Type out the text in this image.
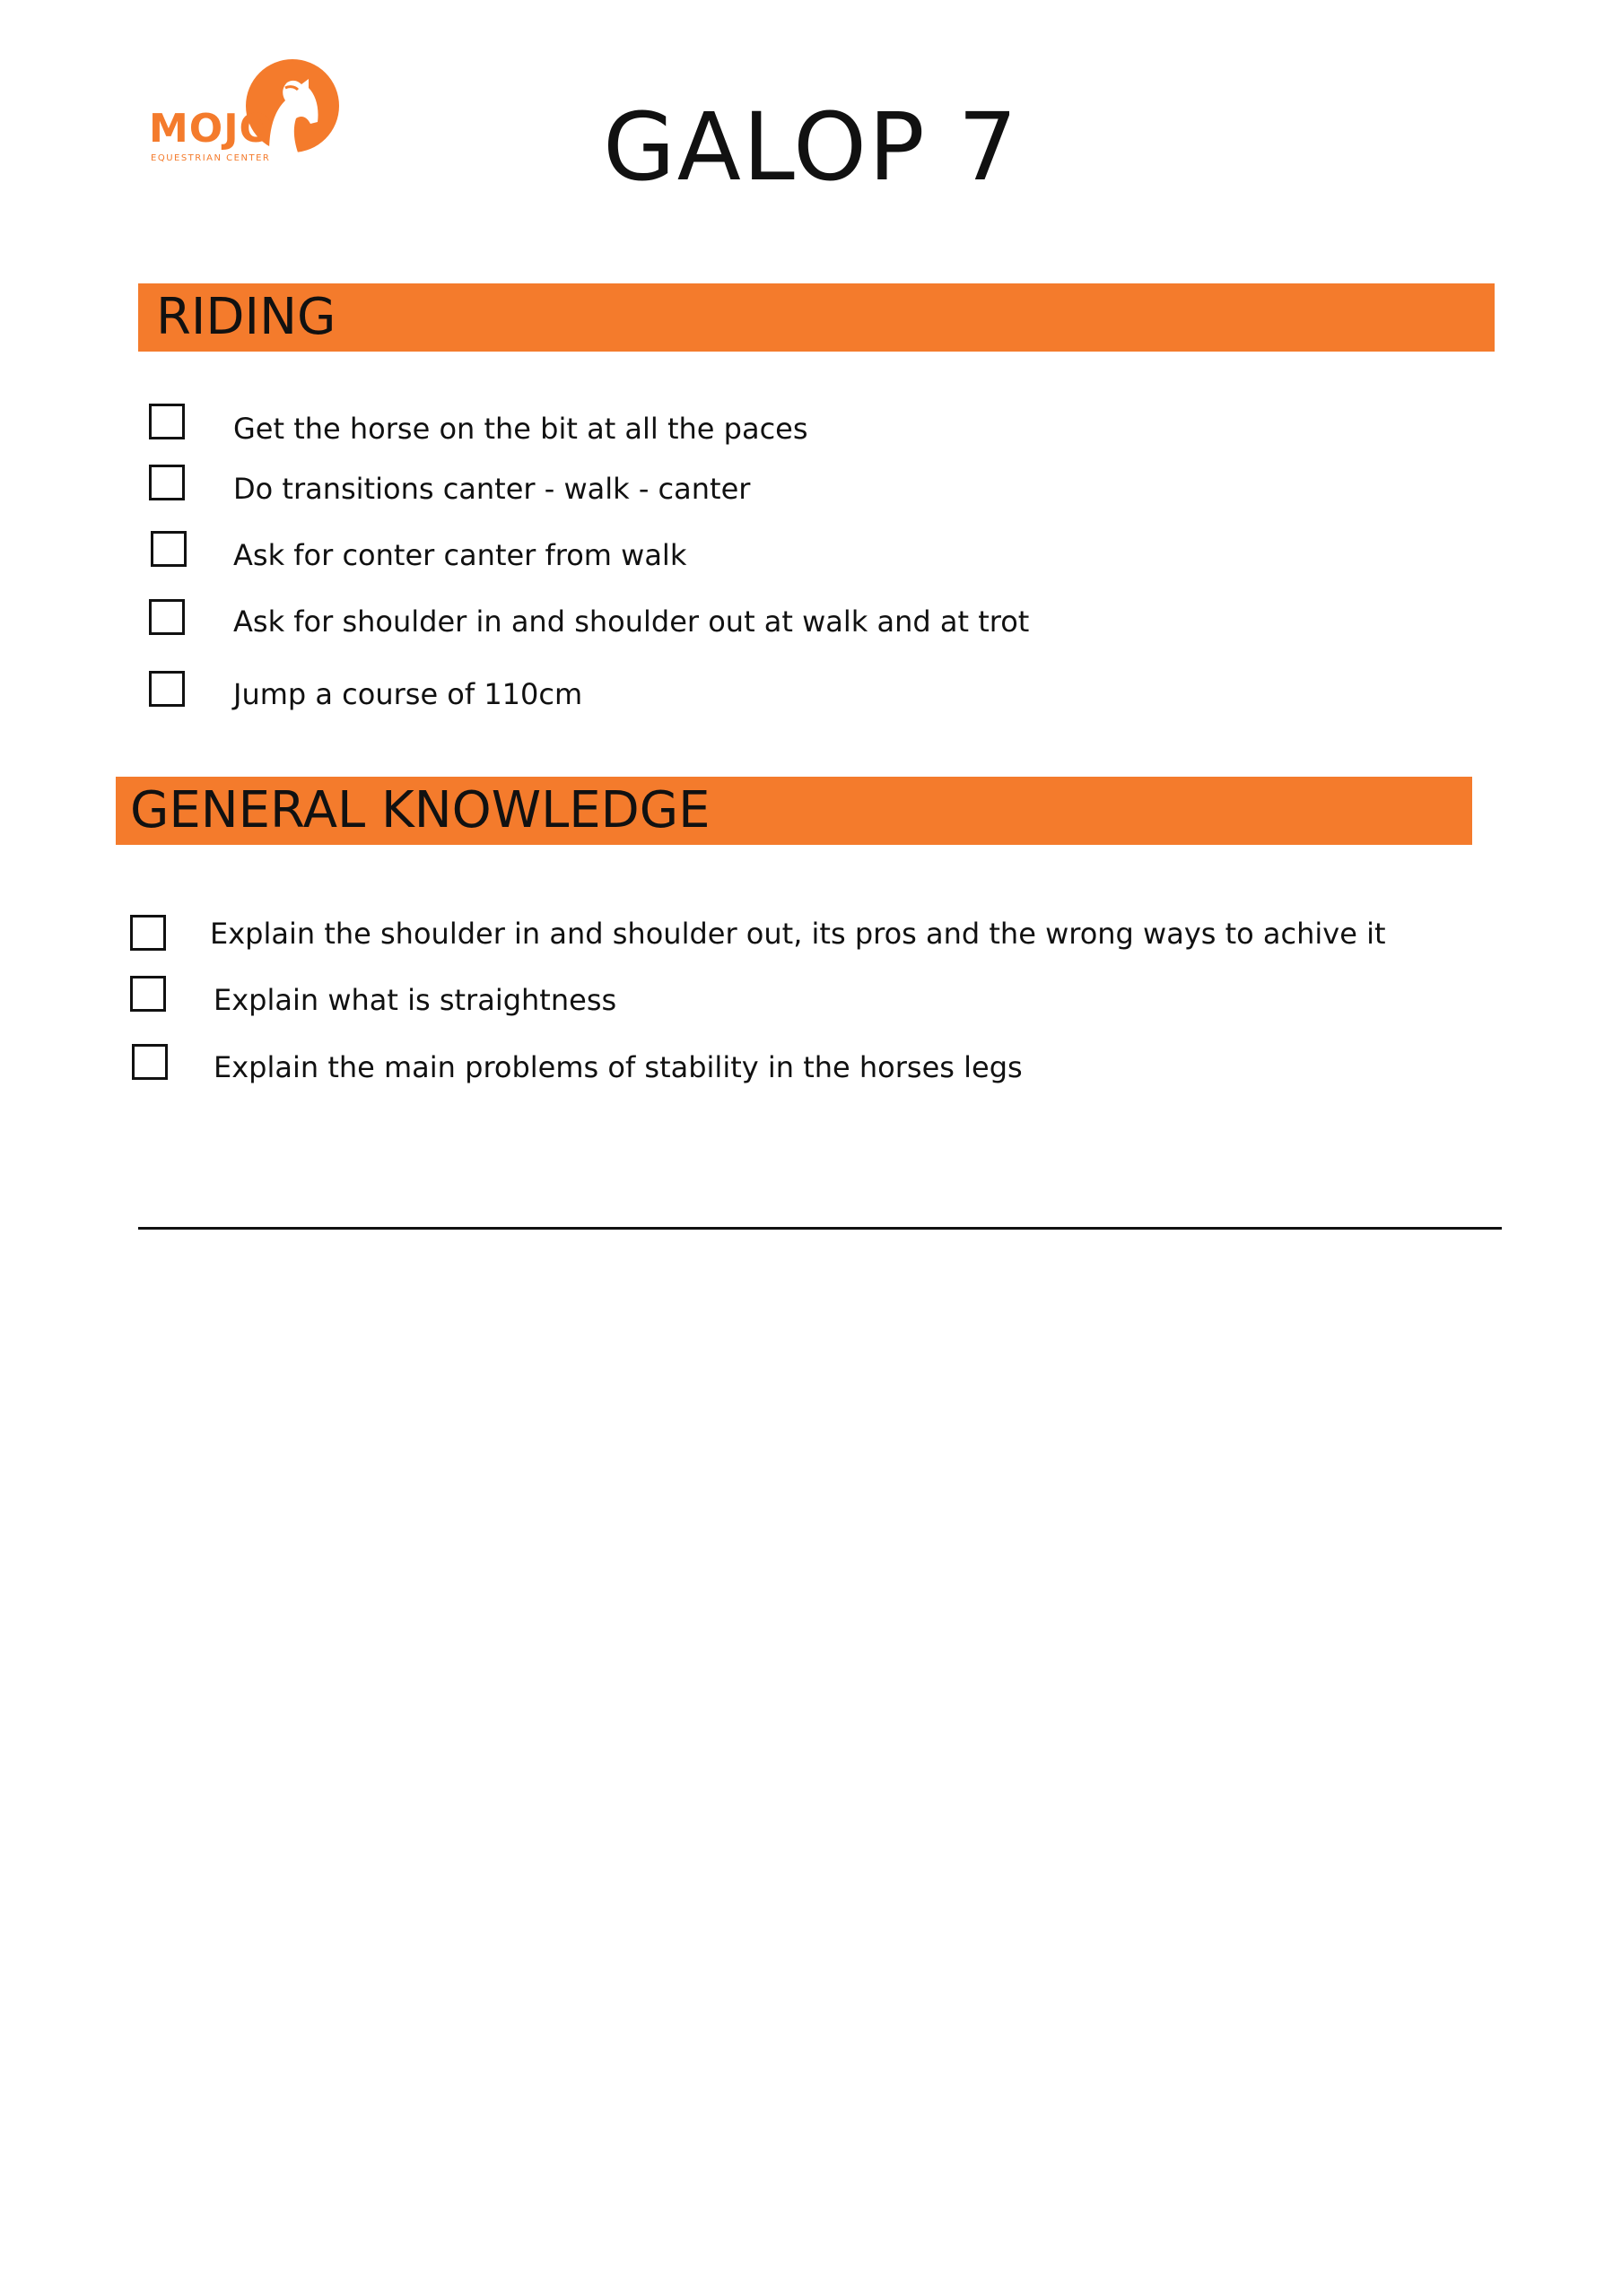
MOJO
EQUESTRIAN CENTER	GALOP 7
RIDING
Get the horse on the bit at all the paces
Do transitions canter - walk - canter
Ask for conter canter from walk
Ask for shoulder in and shoulder out at walk and at trot
Jump a course of 110cm
GENERAL KNOWLEDGE
Explain the shoulder in and shoulder out, its pros and the wrong ways to achive it
Explain what is straightness
Explain the main problems of stability in the horses legs
